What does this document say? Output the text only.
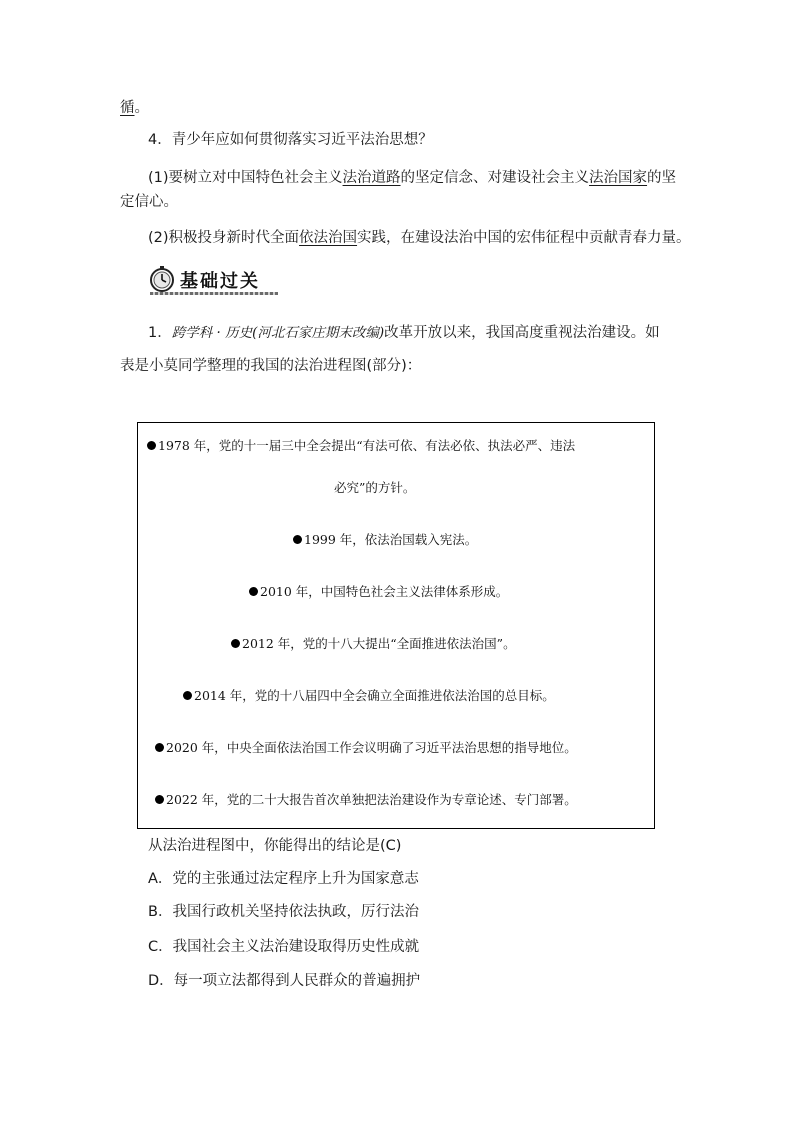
循。
4．青少年应如何贯彻落实习近平法治思想？
(1)要树立对中国特色社会主义法治道路的坚定信念、对建设社会主义法治国家的坚
定信心。
(2)积极投身新时代全面依法治国实践，在建设法治中国的宏伟征程中贡献青春力量。
基础过关
1．跨学科 · 历史(河北石家庄期末改编)改革开放以来，我国高度重视法治建设。如
表是小莫同学整理的我国的法治进程图(部分)：
1978 年，党的十一届三中全会提出“有法可依、有法必依、执法必严、违法
必究”的方针。
1999 年，依法治国载入宪法。
2010 年，中国特色社会主义法律体系形成。
2012 年，党的十八大提出“全面推进依法治国”。
2014 年，党的十八届四中全会确立全面推进依法治国的总目标。
2020 年，中央全面依法治国工作会议明确了习近平法治思想的指导地位。
2022 年，党的二十大报告首次单独把法治建设作为专章论述、专门部署。
从法治进程图中，你能得出的结论是(C)
A．党的主张通过法定程序上升为国家意志
B．我国行政机关坚持依法执政，厉行法治
C．我国社会主义法治建设取得历史性成就
D．每一项立法都得到人民群众的普遍拥护
